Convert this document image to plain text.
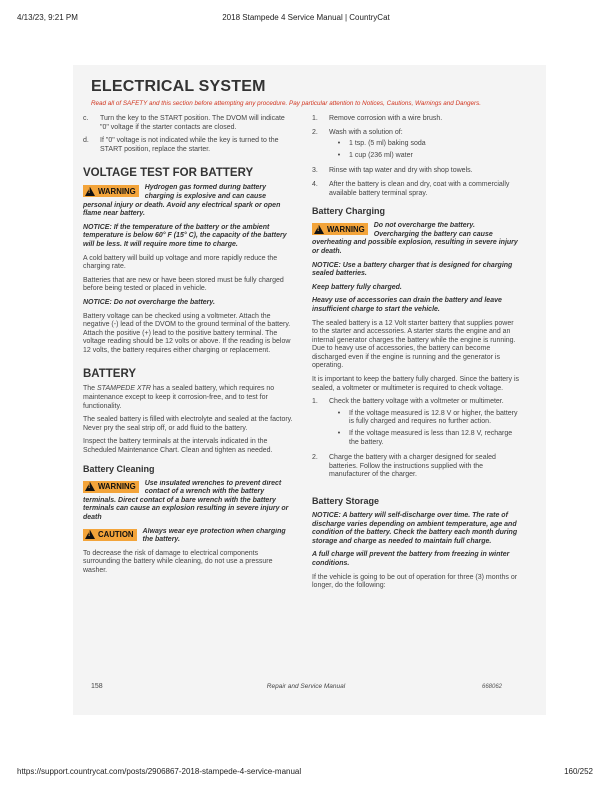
4/13/23, 9:21 PM	2018 Stampede 4 Service Manual | CountryCat
ELECTRICAL SYSTEM
Read all of SAFETY and this section before attempting any procedure. Pay particular attention to Notices, Cautions, Warnings and Dangers.
c.	Turn the key to the START position. The DVOM will indicate "0" voltage if the starter contacts are closed.
d.	If "0" voltage is not indicated while the key is turned to the START position, replace the starter.
VOLTAGE TEST FOR BATTERY
!
WARNING Hydrogen gas formed during battery charging is explosive and can cause personal injury or death. Avoid any electrical spark or open flame near battery.
NOTICE: If the temperature of the battery or the ambient temperature is below 60° F (15° C), the capacity of the battery will be less. It will require more time to charge.

A cold battery will build up voltage and more rapidly reduce the charging rate.

Batteries that are new or have been stored must be fully charged before being tested or placed in vehicle.

NOTICE: Do not overcharge the battery.

Battery voltage can be checked using a voltmeter. Attach the negative (-) lead of the DVOM to the ground terminal of the battery. Attach the positive (+) lead to the positive battery terminal. The voltage reading should be 12 volts or above. If the reading is below 12 volts, the battery requires either charging or replacement.

BATTERY

The STAMPEDE XTR has a sealed battery, which requires no maintenance except to keep it corrosion-free, and to test for functionality.

The sealed battery is filled with electrolyte and sealed at the factory. Never pry the seal strip off, or add fluid to the battery.

Inspect the battery terminals at the intervals indicated in the Scheduled Maintenance Chart. Clean and tighten as needed.

Battery Cleaning
!
WARNING Use insulated wrenches to prevent direct contact of a wrench with the battery terminals. Direct contact of a bare wrench with the battery terminals can cause an explosion resulting in severe injury or death
!
CAUTION Always wear eye protection when charging the battery.

To decrease the risk of damage to electrical components surrounding the battery while cleaning, do not use a pressure washer.

1.	Remove corrosion with a wire brush.
2.	Wash with a solution of:
•	1 tsp. (5 ml) baking soda
•	1 cup (236 ml) water
3.	Rinse with tap water and dry with shop towels.
4.	After the battery is clean and dry, coat with a commercially available battery terminal spray.
Battery Charging
!
WARNING Do not overcharge the battery. Overcharging the battery can cause overheating and possible explosion, resulting in severe injury or death.
NOTICE: Use a battery charger that is designed for charging sealed batteries.
Keep battery fully charged.
Heavy use of accessories can drain the battery and leave insufficient charge to start the vehicle.

The sealed battery is a 12 Volt starter battery that supplies power to the starter and accessories. A starter starts the engine and an internal generator charges the battery while the engine is running. Due to heavy use of accessories, the battery can become discharged even if the engine is running and the generator is operating.

It is important to keep the battery fully charged. Since the battery is sealed, a voltmeter or multimeter is required to check voltage.

1.	Check the battery voltage with a voltmeter or multimeter.
•	If the voltage measured is 12.8 V or higher, the battery is fully charged and requires no further action.
•	If the voltage measured is less than 12.8 V, recharge the battery.
2.	Charge the battery with a charger designed for sealed batteries. Follow the instructions supplied with the manufacturer of the charger.
Battery Storage
NOTICE: A battery will self-discharge over time. The rate of discharge varies depending on ambient temperature, age and condition of the battery. Check the battery each month during storage and charge as needed to maintain full charge.
A full charge will prevent the battery from freezing in winter conditions.

If the vehicle is going to be out of operation for three (3) months or longer, do the following:

158	Repair and Service Manual	668062
https://support.countrycat.com/posts/2906867-2018-stampede-4-service-manual	160/252
